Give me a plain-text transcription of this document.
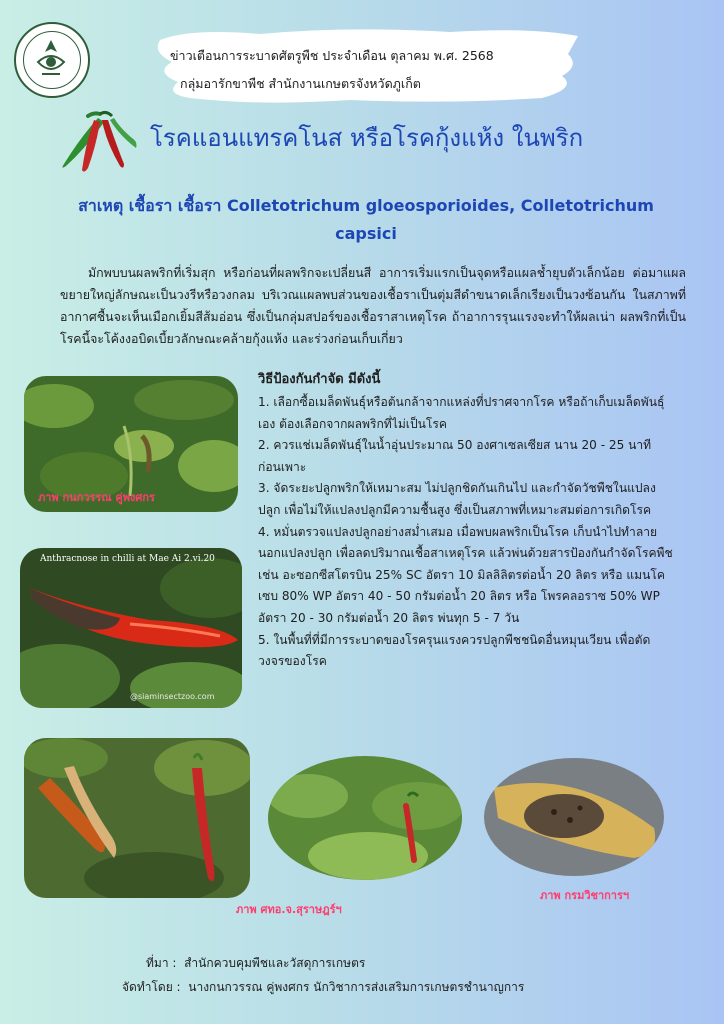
ข่าวเตือนการระบาดศัตรูพืช ประจำเดือน ตุลาคม พ.ศ. 2568
กลุ่มอารักขาพืช สำนักงานเกษตรจังหวัดภูเก็ต
โรคแอนแทรคโนส หรือโรคกุ้งแห้ง ในพริก
สาเหตุ เชื้อรา เชื้อรา Colletotrichum gloeosporioides, Colletotrichum capsici

มักพบบนผลพริกที่เริ่มสุก หรือก่อนที่ผลพริกจะเปลี่ยนสี อาการเริ่มแรกเป็นจุดหรือแผลช้ำยุบตัวเล็กน้อย ต่อมาแผลขยายใหญ่ลักษณะเป็นวงรีหรือวงกลม บริเวณแผลพบส่วนของเชื้อราเป็นตุ่มสีดำขนาดเล็กเรียงเป็นวงซ้อนกัน ในสภาพที่อากาศชื้นจะเห็นเมือกเยิ้มสีส้มอ่อน ซึ่งเป็นกลุ่มสปอร์ของเชื้อราสาเหตุโรค ถ้าอาการรุนแรงจะทำให้ผลเน่า ผลพริกที่เป็นโรคนี้จะโค้งงอบิดเบี้ยวลักษณะคล้ายกุ้งแห้ง และร่วงก่อนเก็บเกี่ยว

ภาพ กนกวรรณ คู่พงศกร
Anthracnose in chilli at Mae Ai 2.vi.20
@siaminsectzoo.com
ภาพ ศทอ.จ.สุราษฎร์ฯ
ภาพ กรมวิชาการฯ
วิธีป้องกันกำจัด มีดังนี้
1. เลือกซื้อเมล็ดพันธุ์หรือต้นกล้าจากแหล่งที่ปราศจากโรค หรือถ้าเก็บเมล็ดพันธุ์เอง ต้องเลือกจากผลพริกที่ไม่เป็นโรค
2. ควรแช่เมล็ดพันธุ์ในน้ำอุ่นประมาณ 50 องศาเซลเซียส นาน 20 - 25 นาที ก่อนเพาะ
3. จัดระยะปลูกพริกให้เหมาะสม ไม่ปลูกชิดกันเกินไป และกำจัดวัชพืชในแปลงปลูก เพื่อไม่ให้แปลงปลูกมีความชื้นสูง ซึ่งเป็นสภาพที่เหมาะสมต่อการเกิดโรค
4. หมั่นตรวจแปลงปลูกอย่างสม่ำเสมอ เมื่อพบผลพริกเป็นโรค เก็บนำไปทำลายนอกแปลงปลูก เพื่อลดปริมาณเชื้อสาเหตุโรค แล้วพ่นด้วยสารป้องกันกำจัดโรคพืช เช่น อะซอกซีสโตรบิน 25% SC อัตรา 10 มิลลิลิตรต่อน้ำ 20 ลิตร หรือ แมนโคเซบ 80% WP อัตรา 40 - 50 กรัมต่อน้ำ 20 ลิตร หรือ โพรคลอราซ 50% WP อัตรา 20 - 30 กรัมต่อน้ำ 20 ลิตร พ่นทุก 5 - 7 วัน
5. ในพื้นที่ที่มีการระบาดของโรครุนแรงควรปลูกพืชชนิดอื่นหมุนเวียน เพื่อตัดวงจรของโรค
ที่มา : สำนักควบคุมพืชและวัสดุการเกษตร
จัดทำโดย : นางกนกวรรณ คู่พงศกร นักวิชาการส่งเสริมการเกษตรชำนาญการ
